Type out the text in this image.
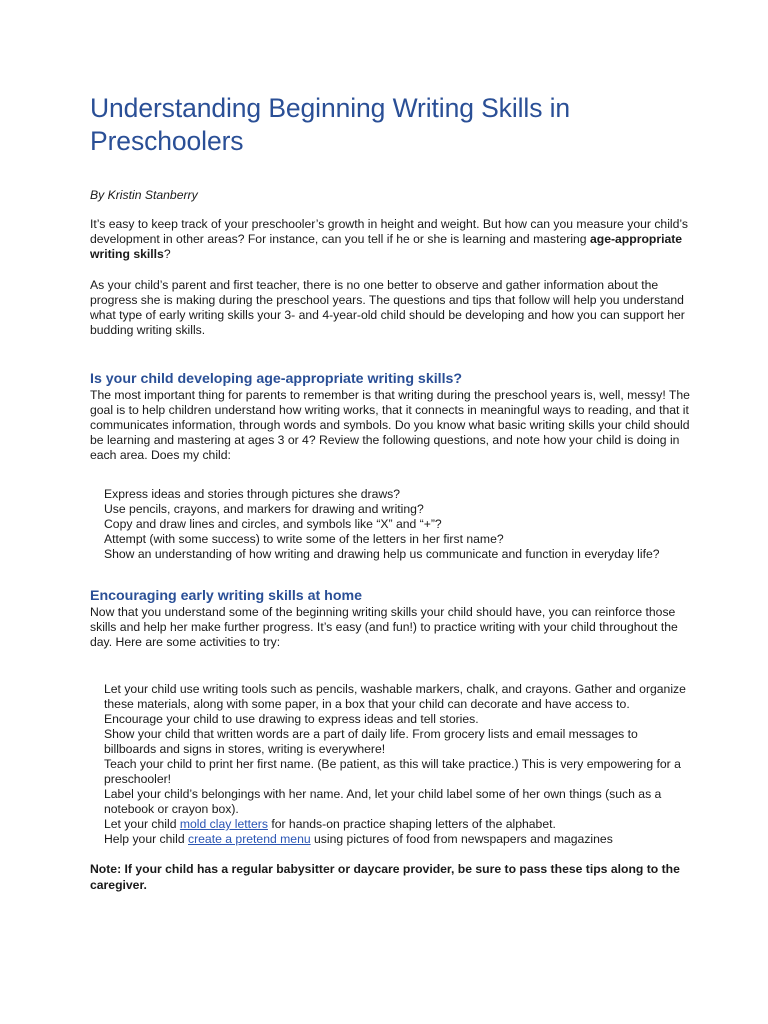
Understanding Beginning Writing Skills in Preschoolers

By Kristin Stanberry

It’s easy to keep track of your preschooler’s growth in height and weight. But how can you measure your child’s development in other areas? For instance, can you tell if he or she is learning and mastering age-appropriate writing skills?

As your child’s parent and first teacher, there is no one better to observe and gather information about the progress she is making during the preschool years. The questions and tips that follow will help you understand what type of early writing skills your 3- and 4-year-old child should be developing and how you can support her budding writing skills.

Is your child developing age-appropriate writing skills?

The most important thing for parents to remember is that writing during the preschool years is, well, messy! The goal is to help children understand how writing works, that it connects in meaningful ways to reading, and that it communicates information, through words and symbols. Do you know what basic writing skills your child should be learning and mastering at ages 3 or 4? Review the following questions, and note how your child is doing in each area. Does my child:

Express ideas and stories through pictures she draws?
Use pencils, crayons, and markers for drawing and writing?
Copy and draw lines and circles, and symbols like “X” and “+”?
Attempt (with some success) to write some of the letters in her first name?
Show an understanding of how writing and drawing help us communicate and function in everyday life?
Encouraging early writing skills at home

Now that you understand some of the beginning writing skills your child should have, you can reinforce those skills and help her make further progress. It’s easy (and fun!) to practice writing with your child throughout the day. Here are some activities to try:

Let your child use writing tools such as pencils, washable markers, chalk, and crayons. Gather and organize these materials, along with some paper, in a box that your child can decorate and have access to.
Encourage your child to use drawing to express ideas and tell stories.
Show your child that written words are a part of daily life. From grocery lists and email messages to billboards and signs in stores, writing is everywhere!
Teach your child to print her first name. (Be patient, as this will take practice.) This is very empowering for a preschooler!
Label your child’s belongings with her name. And, let your child label some of her own things (such as a notebook or crayon box).
Let your child mold clay letters for hands-on practice shaping letters of the alphabet.
Help your child create a pretend menu using pictures of food from newspapers and magazines

Note: If your child has a regular babysitter or daycare provider, be sure to pass these tips along to the caregiver.
